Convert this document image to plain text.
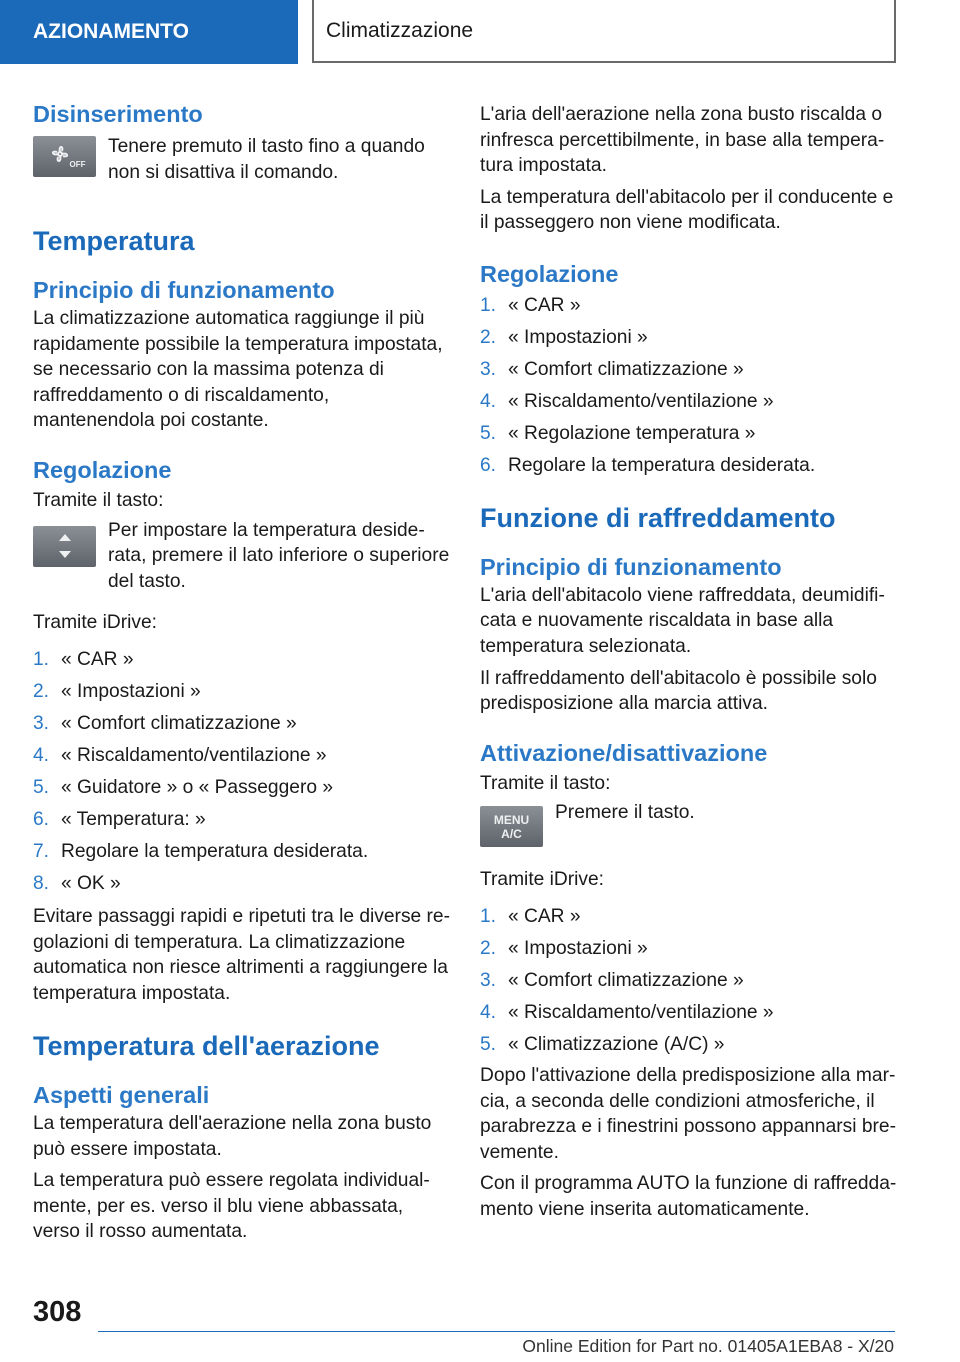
AZIONAMENTO	Climatizzazione
Disinserimento
OFF

Tenere premuto il tasto fino a quando non si disattiva il comando.

Temperatura
Principio di funzionamento

La climatizzazione automatica raggiunge il più rapidamente possibile la temperatura impostata, se necessario con la massima potenza di raffreddamento o di riscaldamento, mantenendola poi costante.

Regolazione

Tramite il tasto:

Per impostare la temperatura desiderata, premere il lato inferiore o superiore del tasto.

Tramite iDrive:

1. « CAR »
2. « Impostazioni »
3. « Comfort climatizzazione »
4. « Riscaldamento/ventilazione »
5. « Guidatore » o « Passeggero »
6. « Temperatura: »
7. Regolare la temperatura desiderata.
8. « OK »

Evitare passaggi rapidi e ripetuti tra le diverse regolazioni di temperatura. La climatizzazione automatica non riesce altrimenti a raggiungere la temperatura impostata.

Temperatura dell'aerazione
Aspetti generali

La temperatura dell'aerazione nella zona busto può essere impostata.

La temperatura può essere regolata individualmente, per es. verso il blu viene abbassata, verso il rosso aumentata.

L'aria dell'aerazione nella zona busto riscalda o rinfresca percettibilmente, in base alla temperatura impostata.

La temperatura dell'abitacolo per il conducente e il passeggero non viene modificata.

Regolazione
1. « CAR »
2. « Impostazioni »
3. « Comfort climatizzazione »
4. « Riscaldamento/ventilazione »
5. « Regolazione temperatura »
6. Regolare la temperatura desiderata.
Funzione di raffreddamento
Principio di funzionamento

L'aria dell'abitacolo viene raffreddata, deumidificata e nuovamente riscaldata in base alla temperatura selezionata.

Il raffreddamento dell'abitacolo è possibile solo predisposizione alla marcia attiva.

Attivazione/disattivazione

Tramite il tasto:

MENU
A/C

Premere il tasto.

Tramite iDrive:

1. « CAR »
2. « Impostazioni »
3. « Comfort climatizzazione »
4. « Riscaldamento/ventilazione »
5. « Climatizzazione (A/C) »

Dopo l'attivazione della predisposizione alla marcia, a seconda delle condizioni atmosferiche, il parabrezza e i finestrini possono appannarsi brevemente.

Con il programma AUTO la funzione di raffreddamento viene inserita automaticamente.

308
Online Edition for Part no. 01405A1EBA8 - X/20
